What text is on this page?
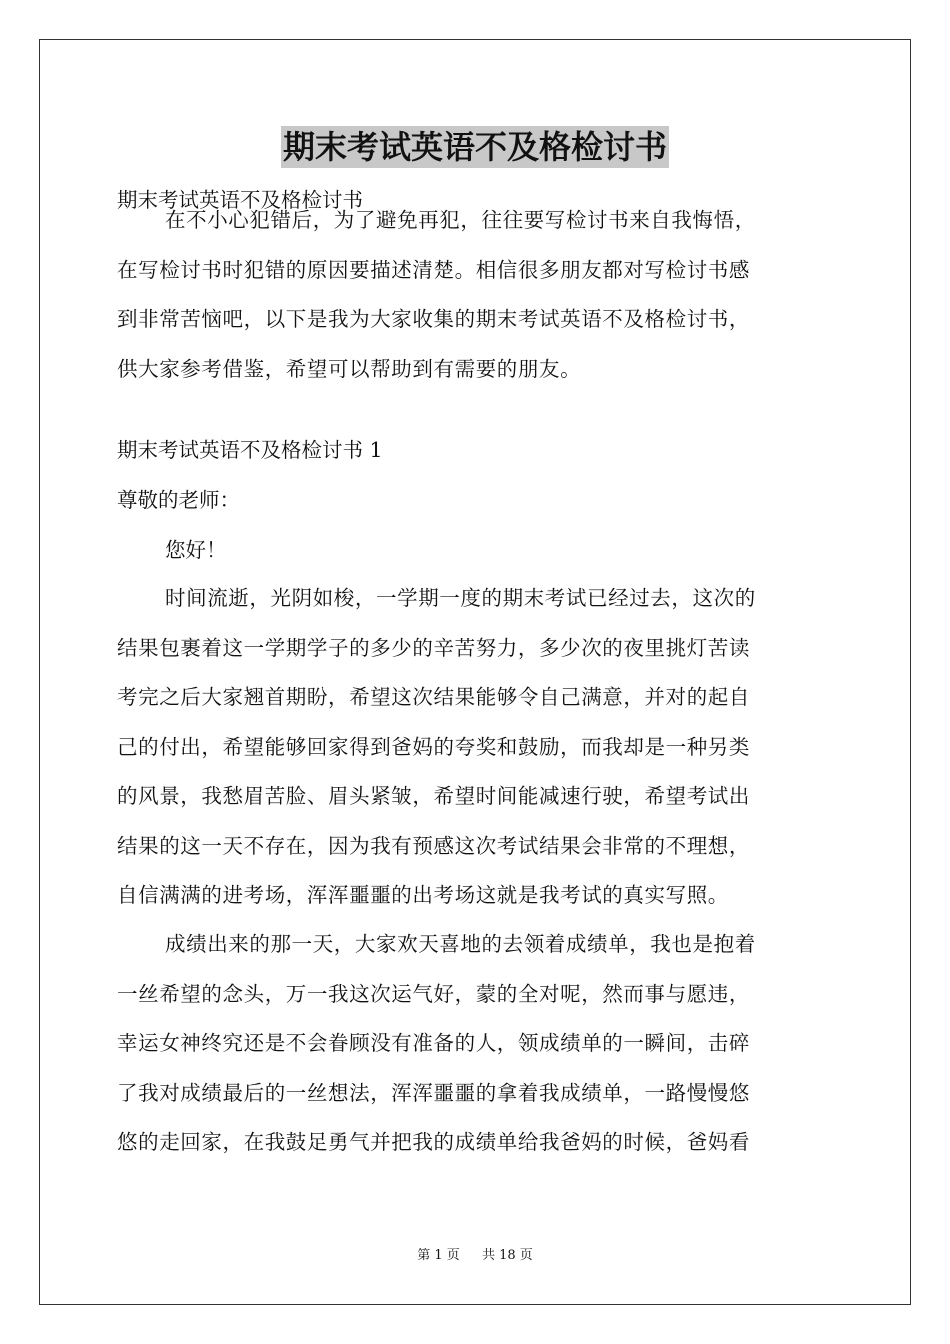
期末考试英语不及格检讨书
期末考试英语不及格检讨书
在不小心犯错后，为了避免再犯，往往要写检讨书来自我悔悟，
在写检讨书时犯错的原因要描述清楚。相信很多朋友都对写检讨书感
到非常苦恼吧，以下是我为大家收集的期末考试英语不及格检讨书，
供大家参考借鉴，希望可以帮助到有需要的朋友。
期末考试英语不及格检讨书 1
尊敬的老师：
您好！
时间流逝，光阴如梭，一学期一度的期末考试已经过去，这次的
结果包裹着这一学期学子的多少的辛苦努力，多少次的夜里挑灯苦读
考完之后大家翘首期盼，希望这次结果能够令自己满意，并对的起自
己的付出，希望能够回家得到爸妈的夸奖和鼓励，而我却是一种另类
的风景，我愁眉苦脸、眉头紧皱，希望时间能减速行驶，希望考试出
结果的这一天不存在，因为我有预感这次考试结果会非常的不理想，
自信满满的进考场，浑浑噩噩的出考场这就是我考试的真实写照。
成绩出来的那一天，大家欢天喜地的去领着成绩单，我也是抱着
一丝希望的念头，万一我这次运气好，蒙的全对呢，然而事与愿违，
幸运女神终究还是不会眷顾没有准备的人，领成绩单的一瞬间，击碎
了我对成绩最后的一丝想法，浑浑噩噩的拿着我成绩单，一路慢慢悠
悠的走回家，在我鼓足勇气并把我的成绩单给我爸妈的时候，爸妈看
第 1 页 共 18 页
